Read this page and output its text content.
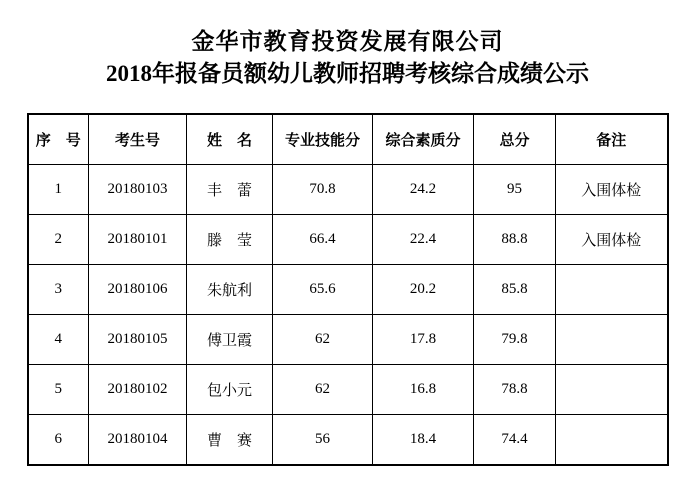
金华市教育投资发展有限公司
2018年报备员额幼儿教师招聘考核综合成绩公示
序　号	考生号	姓　名	专业技能分	综合素质分	总分	备注
1	20180103	丰　蕾	70.8	24.2	95	入围体检
2	20180101	滕　莹	66.4	22.4	88.8	入围体检
3	20180106	朱航利	65.6	20.2	85.8	
4	20180105	傅卫霞	62	17.8	79.8	
5	20180102	包小元	62	16.8	78.8	
6	20180104	曹　赛	56	18.4	74.4	
